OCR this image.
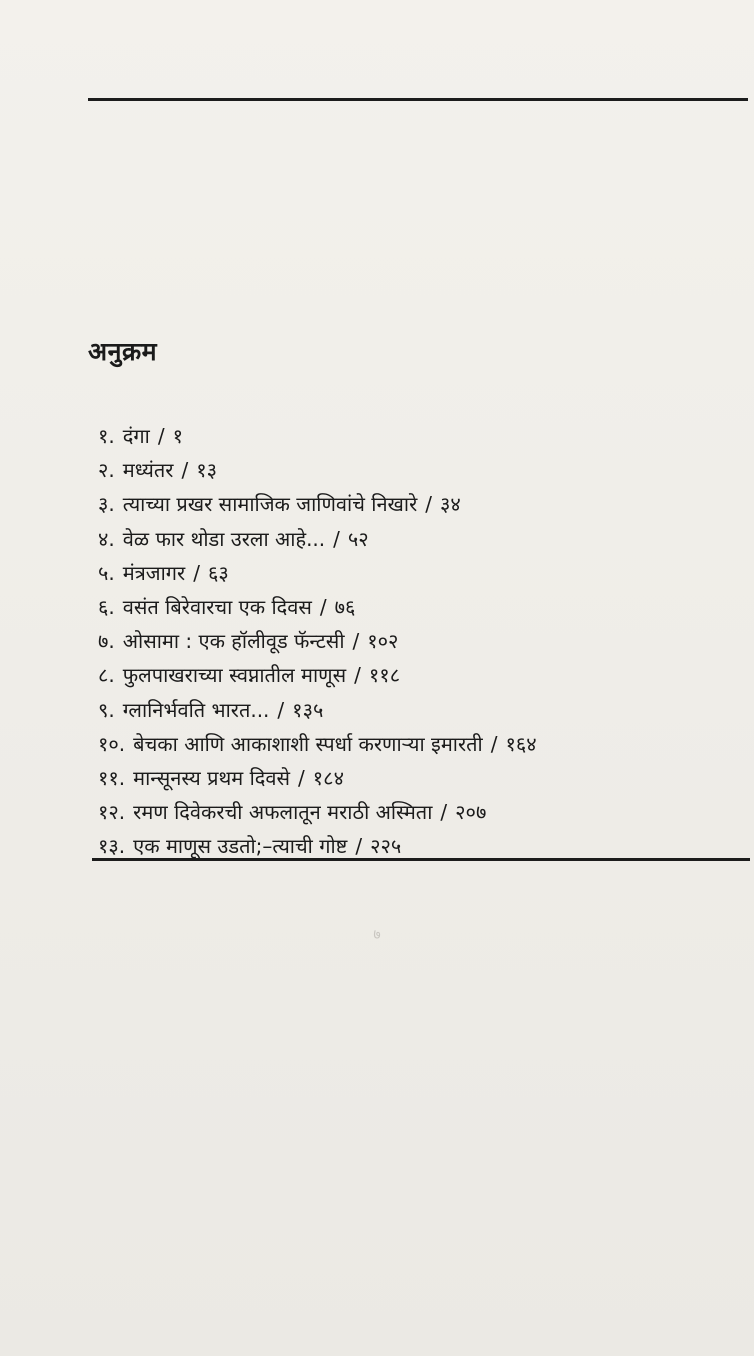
अनुक्रम
१. दंगा / १
२. मध्यंतर / १३
३. त्याच्या प्रखर सामाजिक जाणिवांचे निखारे / ३४
४. वेळ फार थोडा उरला आहे... / ५२
५. मंत्रजागर / ६३
६. वसंत बिरेवारचा एक दिवस / ७६
७. ओसामा : एक हॉलीवूड फॅन्टसी / १०२
८. फुलपाखराच्या स्वप्नातील माणूस / ११८
९. ग्लानिर्भवति भारत... / १३५
१०. बेचका आणि आकाशाशी स्पर्धा करणाऱ्या इमारती / १६४
११. मान्सूनस्य प्रथम दिवसे / १८४
१२. रमण दिवेकरची अफलातून मराठी अस्मिता / २०७
१३. एक माणूस उडतो;–त्याची गोष्ट / २२५
७
